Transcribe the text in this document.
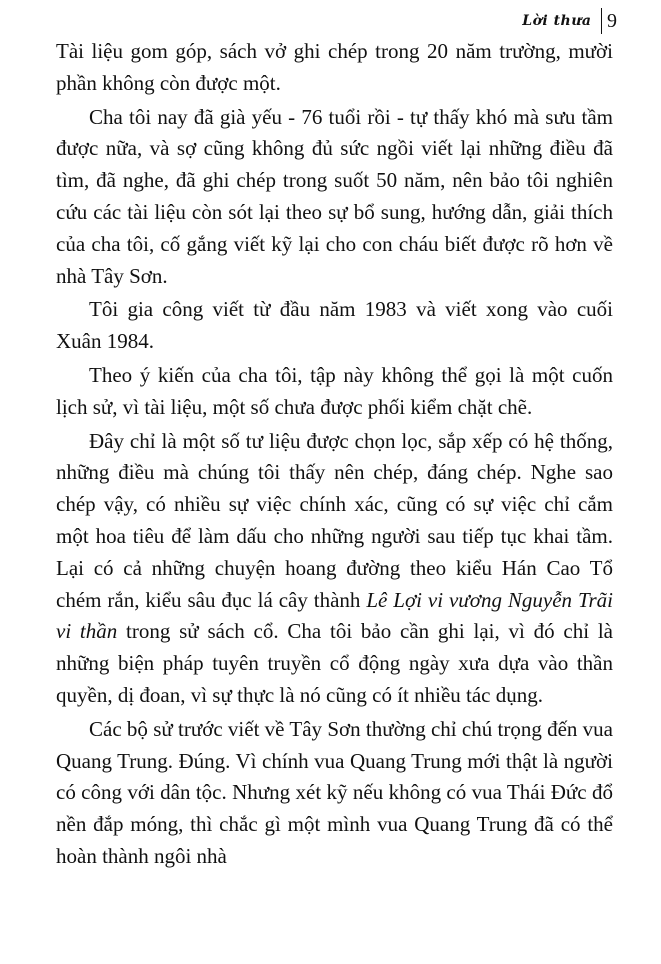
Lời thưa 9

Tài liệu gom góp, sách vở ghi chép trong 20 năm trường, mười phần không còn được một.

Cha tôi nay đã già yếu - 76 tuổi rồi - tự thấy khó mà sưu tầm được nữa, và sợ cũng không đủ sức ngồi viết lại những điều đã tìm, đã nghe, đã ghi chép trong suốt 50 năm, nên bảo tôi nghiên cứu các tài liệu còn sót lại theo sự bổ sung, hướng dẫn, giải thích của cha tôi, cố gắng viết kỹ lại cho con cháu biết được rõ hơn về nhà Tây Sơn.

Tôi gia công viết từ đầu năm 1983 và viết xong vào cuối Xuân 1984.

Theo ý kiến của cha tôi, tập này không thể gọi là một cuốn lịch sử, vì tài liệu, một số chưa được phối kiểm chặt chẽ.

Đây chỉ là một số tư liệu được chọn lọc, sắp xếp có hệ thống, những điều mà chúng tôi thấy nên chép, đáng chép. Nghe sao chép vậy, có nhiều sự việc chính xác, cũng có sự việc chỉ cắm một hoa tiêu để làm dấu cho những người sau tiếp tục khai tầm. Lại có cả những chuyện hoang đường theo kiểu Hán Cao Tổ chém rắn, kiểu sâu đục lá cây thành Lê Lợi vi vương Nguyễn Trãi vi thần trong sử sách cổ. Cha tôi bảo cần ghi lại, vì đó chỉ là những biện pháp tuyên truyền cổ động ngày xưa dựa vào thần quyền, dị đoan, vì sự thực là nó cũng có ít nhiều tác dụng.

Các bộ sử trước viết về Tây Sơn thường chỉ chú trọng đến vua Quang Trung. Đúng. Vì chính vua Quang Trung mới thật là người có công với dân tộc. Nhưng xét kỹ nếu không có vua Thái Đức đổ nền đắp móng, thì chắc gì một mình vua Quang Trung đã có thể hoàn thành ngôi nhà
